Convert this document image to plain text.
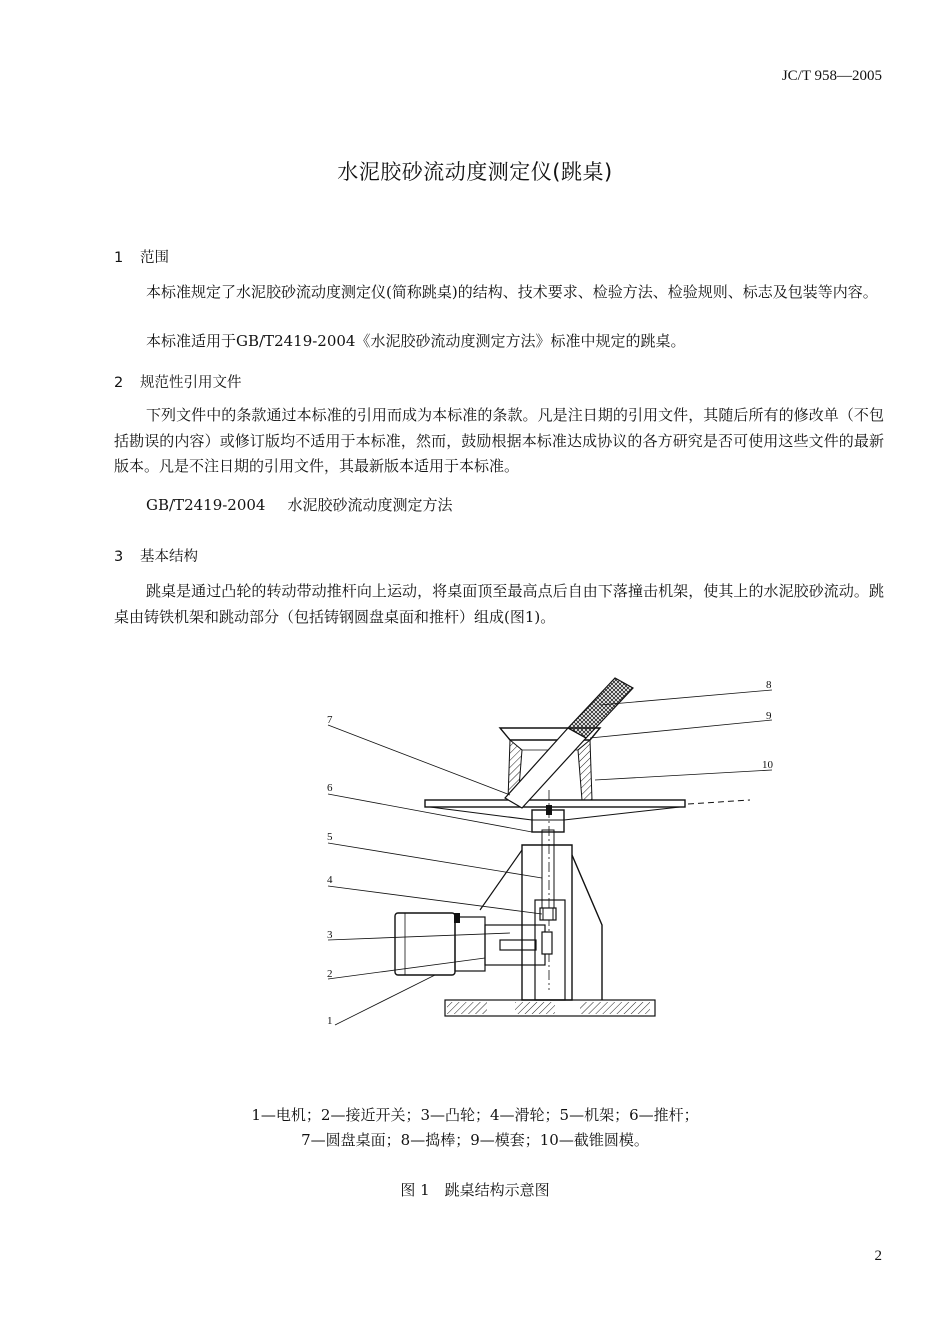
JC/T 958—2005
水泥胶砂流动度测定仪(跳桌)
1 范围
本标准规定了水泥胶砂流动度测定仪(简称跳桌)的结构、技术要求、检验方法、检验规则、标志及包装等内容。
本标准适用于GB/T2419-2004《水泥胶砂流动度测定方法》标准中规定的跳桌。
2 规范性引用文件
下列文件中的条款通过本标准的引用而成为本标准的条款。凡是注日期的引用文件，其随后所有的修改单（不包括勘误的内容）或修订版均不适用于本标准，然而，鼓励根据本标准达成协议的各方研究是否可使用这些文件的最新版本。凡是不注日期的引用文件，其最新版本适用于本标准。
GB/T2419-2004 水泥胶砂流动度测定方法
3 基本结构
跳桌是通过凸轮的转动带动推杆向上运动，将桌面顶至最高点后自由下落撞击机架，使其上的水泥胶砂流动。跳桌由铸铁机架和跳动部分（包括铸钢圆盘桌面和推杆）组成(图1)。
8
9
10
7
6
5
4
3
2
1
1—电机；2—接近开关；3—凸轮；4—滑轮；5—机架；6—推杆；
7—圆盘桌面；8—捣棒；9—模套；10—截锥圆模。
图 1　跳桌结构示意图
2
